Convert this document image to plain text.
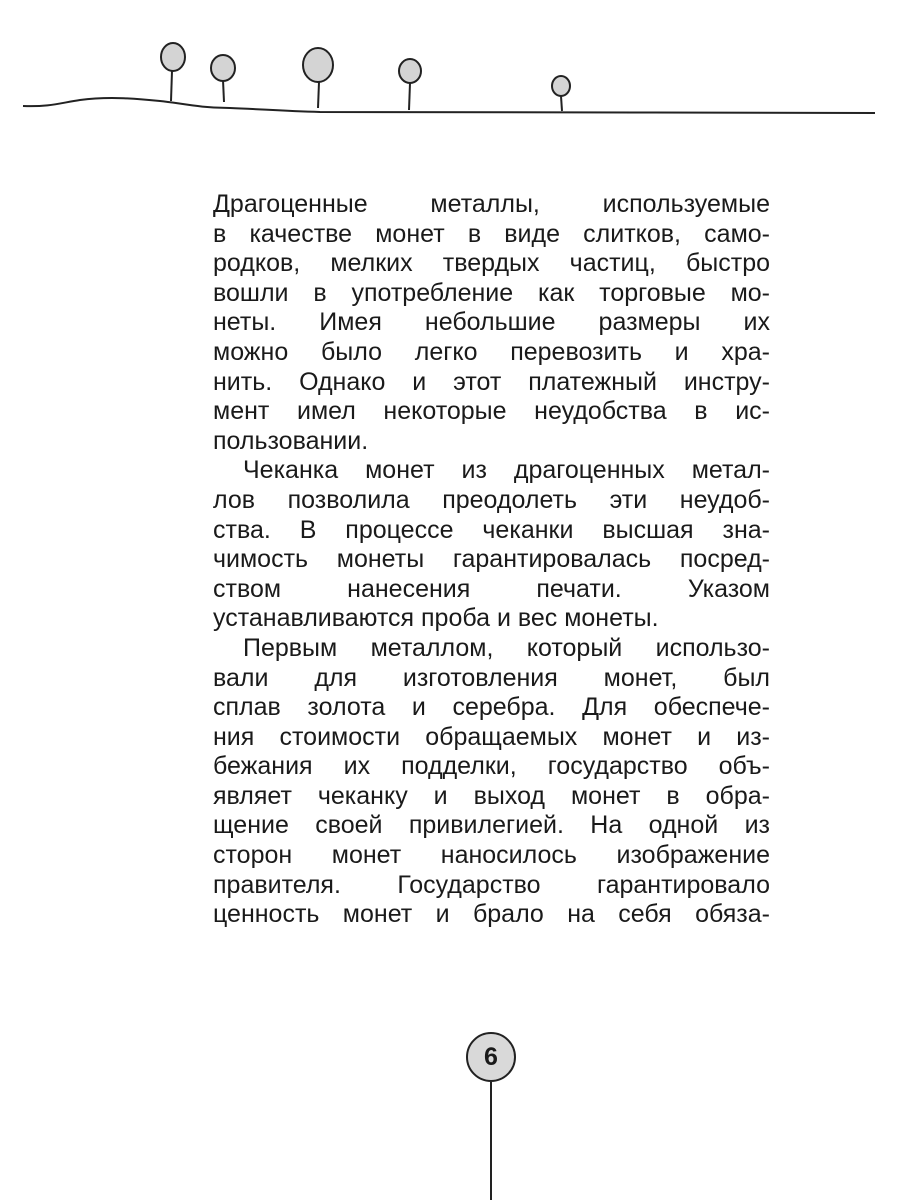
Драгоценные металлы, используемые
в качестве монет в виде слитков, само-
родков, мелких твердых частиц, быстро
вошли в употребление как торговые мо-
неты. Имея небольшие размеры их
можно было легко перевозить и хра-
нить. Однако и этот платежный инстру-
мент имел некоторые неудобства в ис-
пользовании.
Чеканка монет из драгоценных метал-
лов позволила преодолеть эти неудоб-
ства. В процессе чеканки высшая зна-
чимость монеты гарантировалась посред-
ством нанесения печати. Указом
устанавливаются проба и вес монеты.
Первым металлом, который использо-
вали для изготовления монет, был
сплав золота и серебра. Для обеспече-
ния стоимости обращаемых монет и из-
бежания их подделки, государство объ-
являет чеканку и выход монет в обра-
щение своей привилегией. На одной из
сторон монет наносилось изображение
правителя. Государство гарантировало
ценность монет и брало на себя обяза-
6
